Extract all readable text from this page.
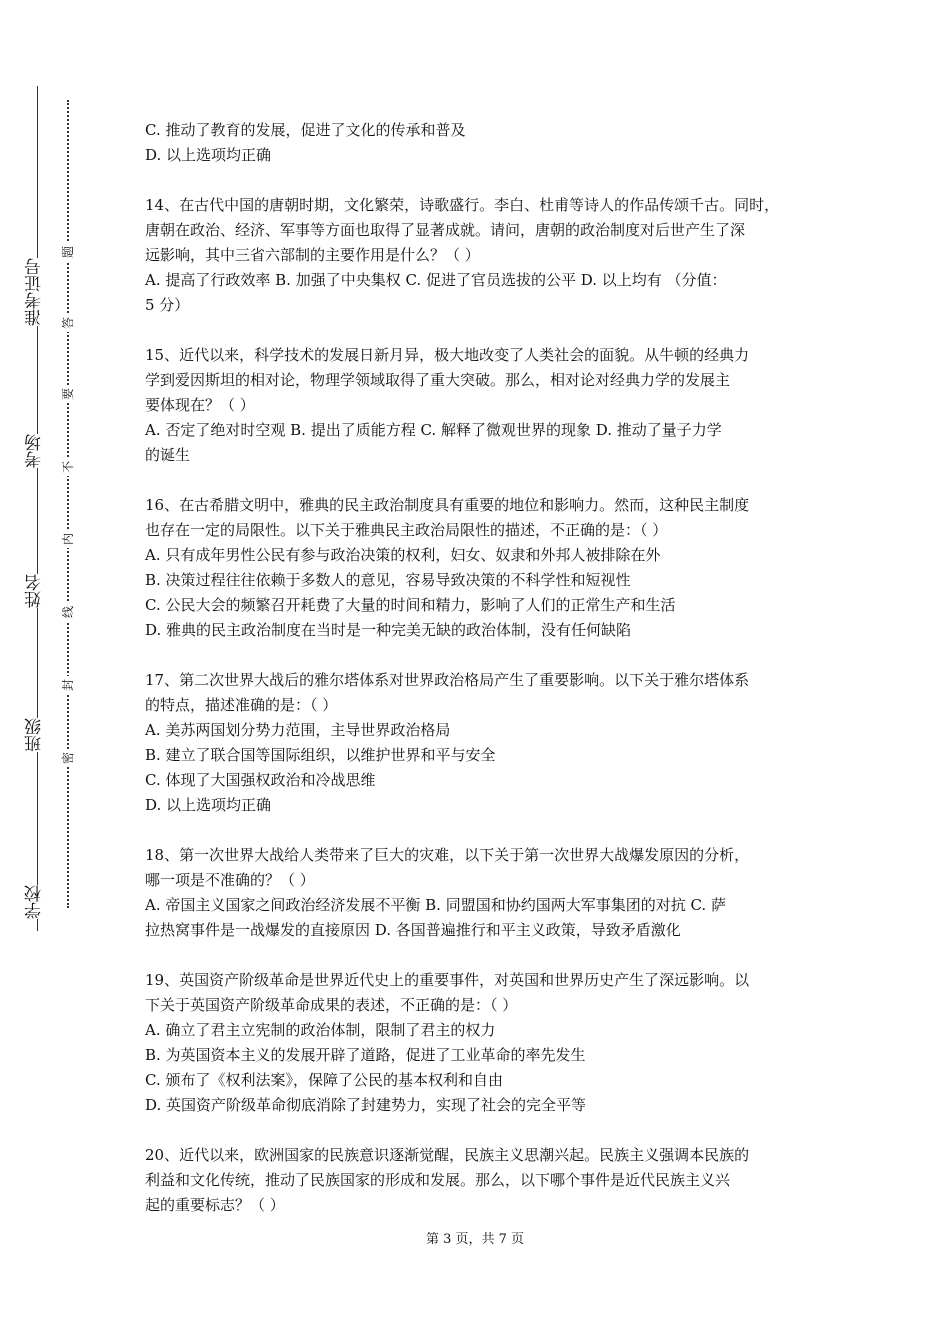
准考证号
考场
姓名
班级
学校
题
答
要
不
内
线
封
密

C. 推动了教育的发展，促进了文化的传承和普及

D. 以上选项均正确

14、在古代中国的唐朝时期，文化繁荣，诗歌盛行。李白、杜甫等诗人的作品传颂千古。同时，

唐朝在政治、经济、军事等方面也取得了显著成就。请问，唐朝的政治制度对后世产生了深

远影响，其中三省六部制的主要作用是什么？（ ）

A. 提高了行政效率 B. 加强了中央集权 C. 促进了官员选拔的公平 D. 以上均有 （分值：

5 分）

15、近代以来，科学技术的发展日新月异，极大地改变了人类社会的面貌。从牛顿的经典力

学到爱因斯坦的相对论，物理学领域取得了重大突破。那么，相对论对经典力学的发展主

要体现在？（ ）

A. 否定了绝对时空观 B. 提出了质能方程 C. 解释了微观世界的现象 D. 推动了量子力学

的诞生

16、在古希腊文明中，雅典的民主政治制度具有重要的地位和影响力。然而，这种民主制度

也存在一定的局限性。以下关于雅典民主政治局限性的描述，不正确的是：（ ）

A. 只有成年男性公民有参与政治决策的权利，妇女、奴隶和外邦人被排除在外

B. 决策过程往往依赖于多数人的意见，容易导致决策的不科学性和短视性

C. 公民大会的频繁召开耗费了大量的时间和精力，影响了人们的正常生产和生活

D. 雅典的民主政治制度在当时是一种完美无缺的政治体制，没有任何缺陷

17、第二次世界大战后的雅尔塔体系对世界政治格局产生了重要影响。以下关于雅尔塔体系

的特点，描述准确的是：（ ）

A. 美苏两国划分势力范围，主导世界政治格局

B. 建立了联合国等国际组织，以维护世界和平与安全

C. 体现了大国强权政治和冷战思维

D. 以上选项均正确

18、第一次世界大战给人类带来了巨大的灾难，以下关于第一次世界大战爆发原因的分析，

哪一项是不准确的？（ ）

A. 帝国主义国家之间政治经济发展不平衡 B. 同盟国和协约国两大军事集团的对抗 C. 萨

拉热窝事件是一战爆发的直接原因 D. 各国普遍推行和平主义政策，导致矛盾激化

19、英国资产阶级革命是世界近代史上的重要事件，对英国和世界历史产生了深远影响。以

下关于英国资产阶级革命成果的表述，不正确的是：（ ）

A. 确立了君主立宪制的政治体制，限制了君主的权力

B. 为英国资本主义的发展开辟了道路，促进了工业革命的率先发生

C. 颁布了《权利法案》，保障了公民的基本权利和自由

D. 英国资产阶级革命彻底消除了封建势力，实现了社会的完全平等

20、近代以来，欧洲国家的民族意识逐渐觉醒，民族主义思潮兴起。民族主义强调本民族的

利益和文化传统，推动了民族国家的形成和发展。那么，以下哪个事件是近代民族主义兴

起的重要标志？（ ）

第 3 页，共 7 页
